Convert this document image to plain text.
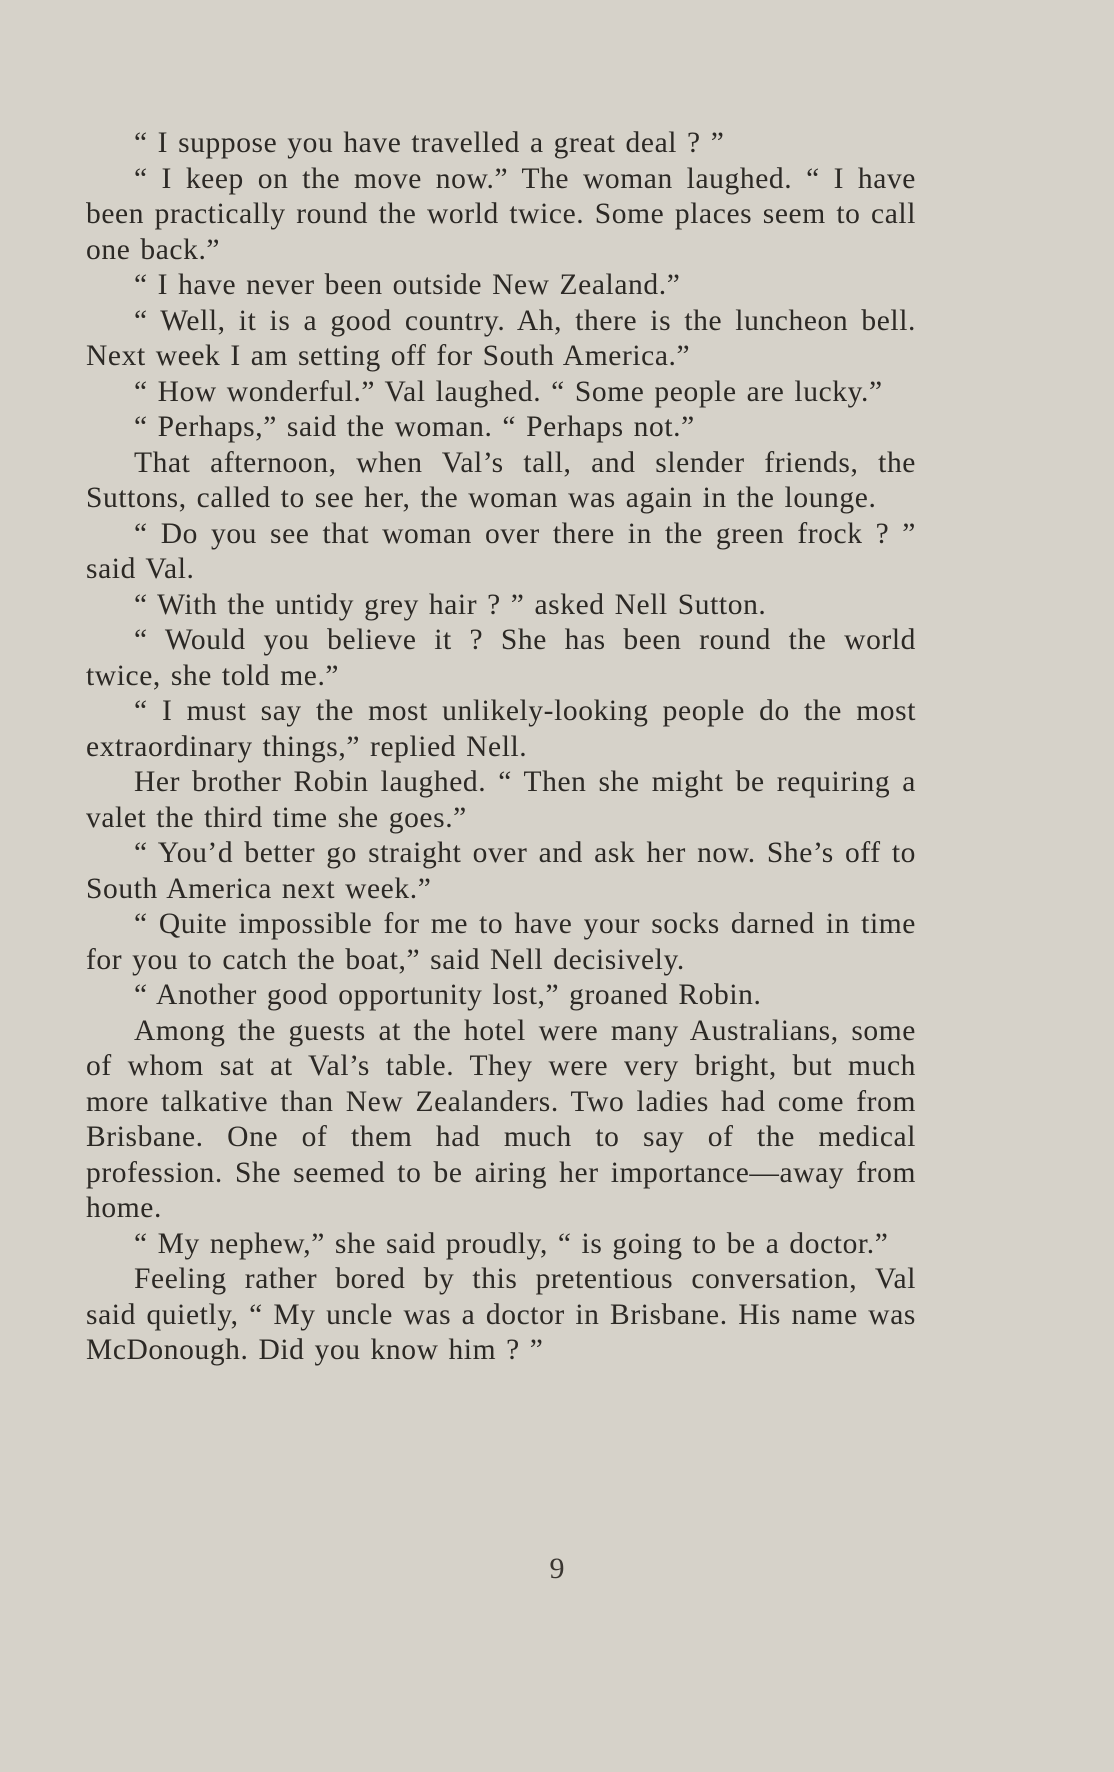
“ I suppose you have travelled a great deal ? ”

“ I keep on the move now.” The woman laughed. “ I have been practically round the world twice. Some places seem to call one back.”

“ I have never been outside New Zealand.”

“ Well, it is a good country. Ah, there is the luncheon bell. Next week I am setting off for South America.”

“ How wonderful.” Val laughed. “ Some people are lucky.”

“ Perhaps,” said the woman. “ Perhaps not.”

That afternoon, when Val’s tall, and slender friends, the Suttons, called to see her, the woman was again in the lounge.

“ Do you see that woman over there in the green frock ? ” said Val.

“ With the untidy grey hair ? ” asked Nell Sutton.

“ Would you believe it ? She has been round the world twice, she told me.”

“ I must say the most unlikely-looking people do the most extraordinary things,” replied Nell.

Her brother Robin laughed. “ Then she might be requiring a valet the third time she goes.”

“ You’d better go straight over and ask her now. She’s off to South America next week.”

“ Quite impossible for me to have your socks darned in time for you to catch the boat,” said Nell decisively.

“ Another good opportunity lost,” groaned Robin.

Among the guests at the hotel were many Australians, some of whom sat at Val’s table. They were very bright, but much more talkative than New Zealanders. Two ladies had come from Brisbane. One of them had much to say of the medical profession. She seemed to be airing her importance—away from home.

“ My nephew,” she said proudly, “ is going to be a doctor.”

Feeling rather bored by this pretentious conversation, Val said quietly, “ My uncle was a doctor in Brisbane. His name was McDonough. Did you know him ? ”

9
